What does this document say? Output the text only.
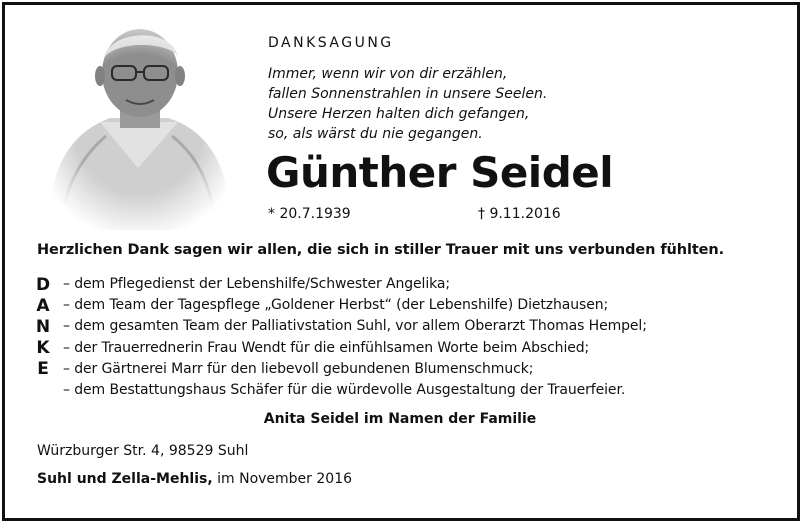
DANKSAGUNG
Immer, wenn wir von dir erzählen,
fallen Sonnenstrahlen in unsere Seelen.
Unsere Herzen halten dich gefangen,
so, als wärst du nie gegangen.
Günther Seidel
* 20.7.1939	† 9.11.2016
Herzlichen Dank sagen wir allen, die sich in stiller Trauer mit uns verbunden fühlten.
D
A
N
K
E
– dem Pflegedienst der Lebenshilfe/Schwester Angelika;
– dem Team der Tagespflege „Goldener Herbst“ (der Lebenshilfe) Dietzhausen;
– dem gesamten Team der Palliativstation Suhl, vor allem Oberarzt Thomas Hempel;
– der Trauerrednerin Frau Wendt für die einfühlsamen Worte beim Abschied;
– der Gärtnerei Marr für den liebevoll gebundenen Blumenschmuck;
– dem Bestattungshaus Schäfer für die würdevolle Ausgestaltung der Trauerfeier.
Anita Seidel im Namen der Familie
Würzburger Str. 4, 98529 Suhl
Suhl und Zella-Mehlis, im November 2016
